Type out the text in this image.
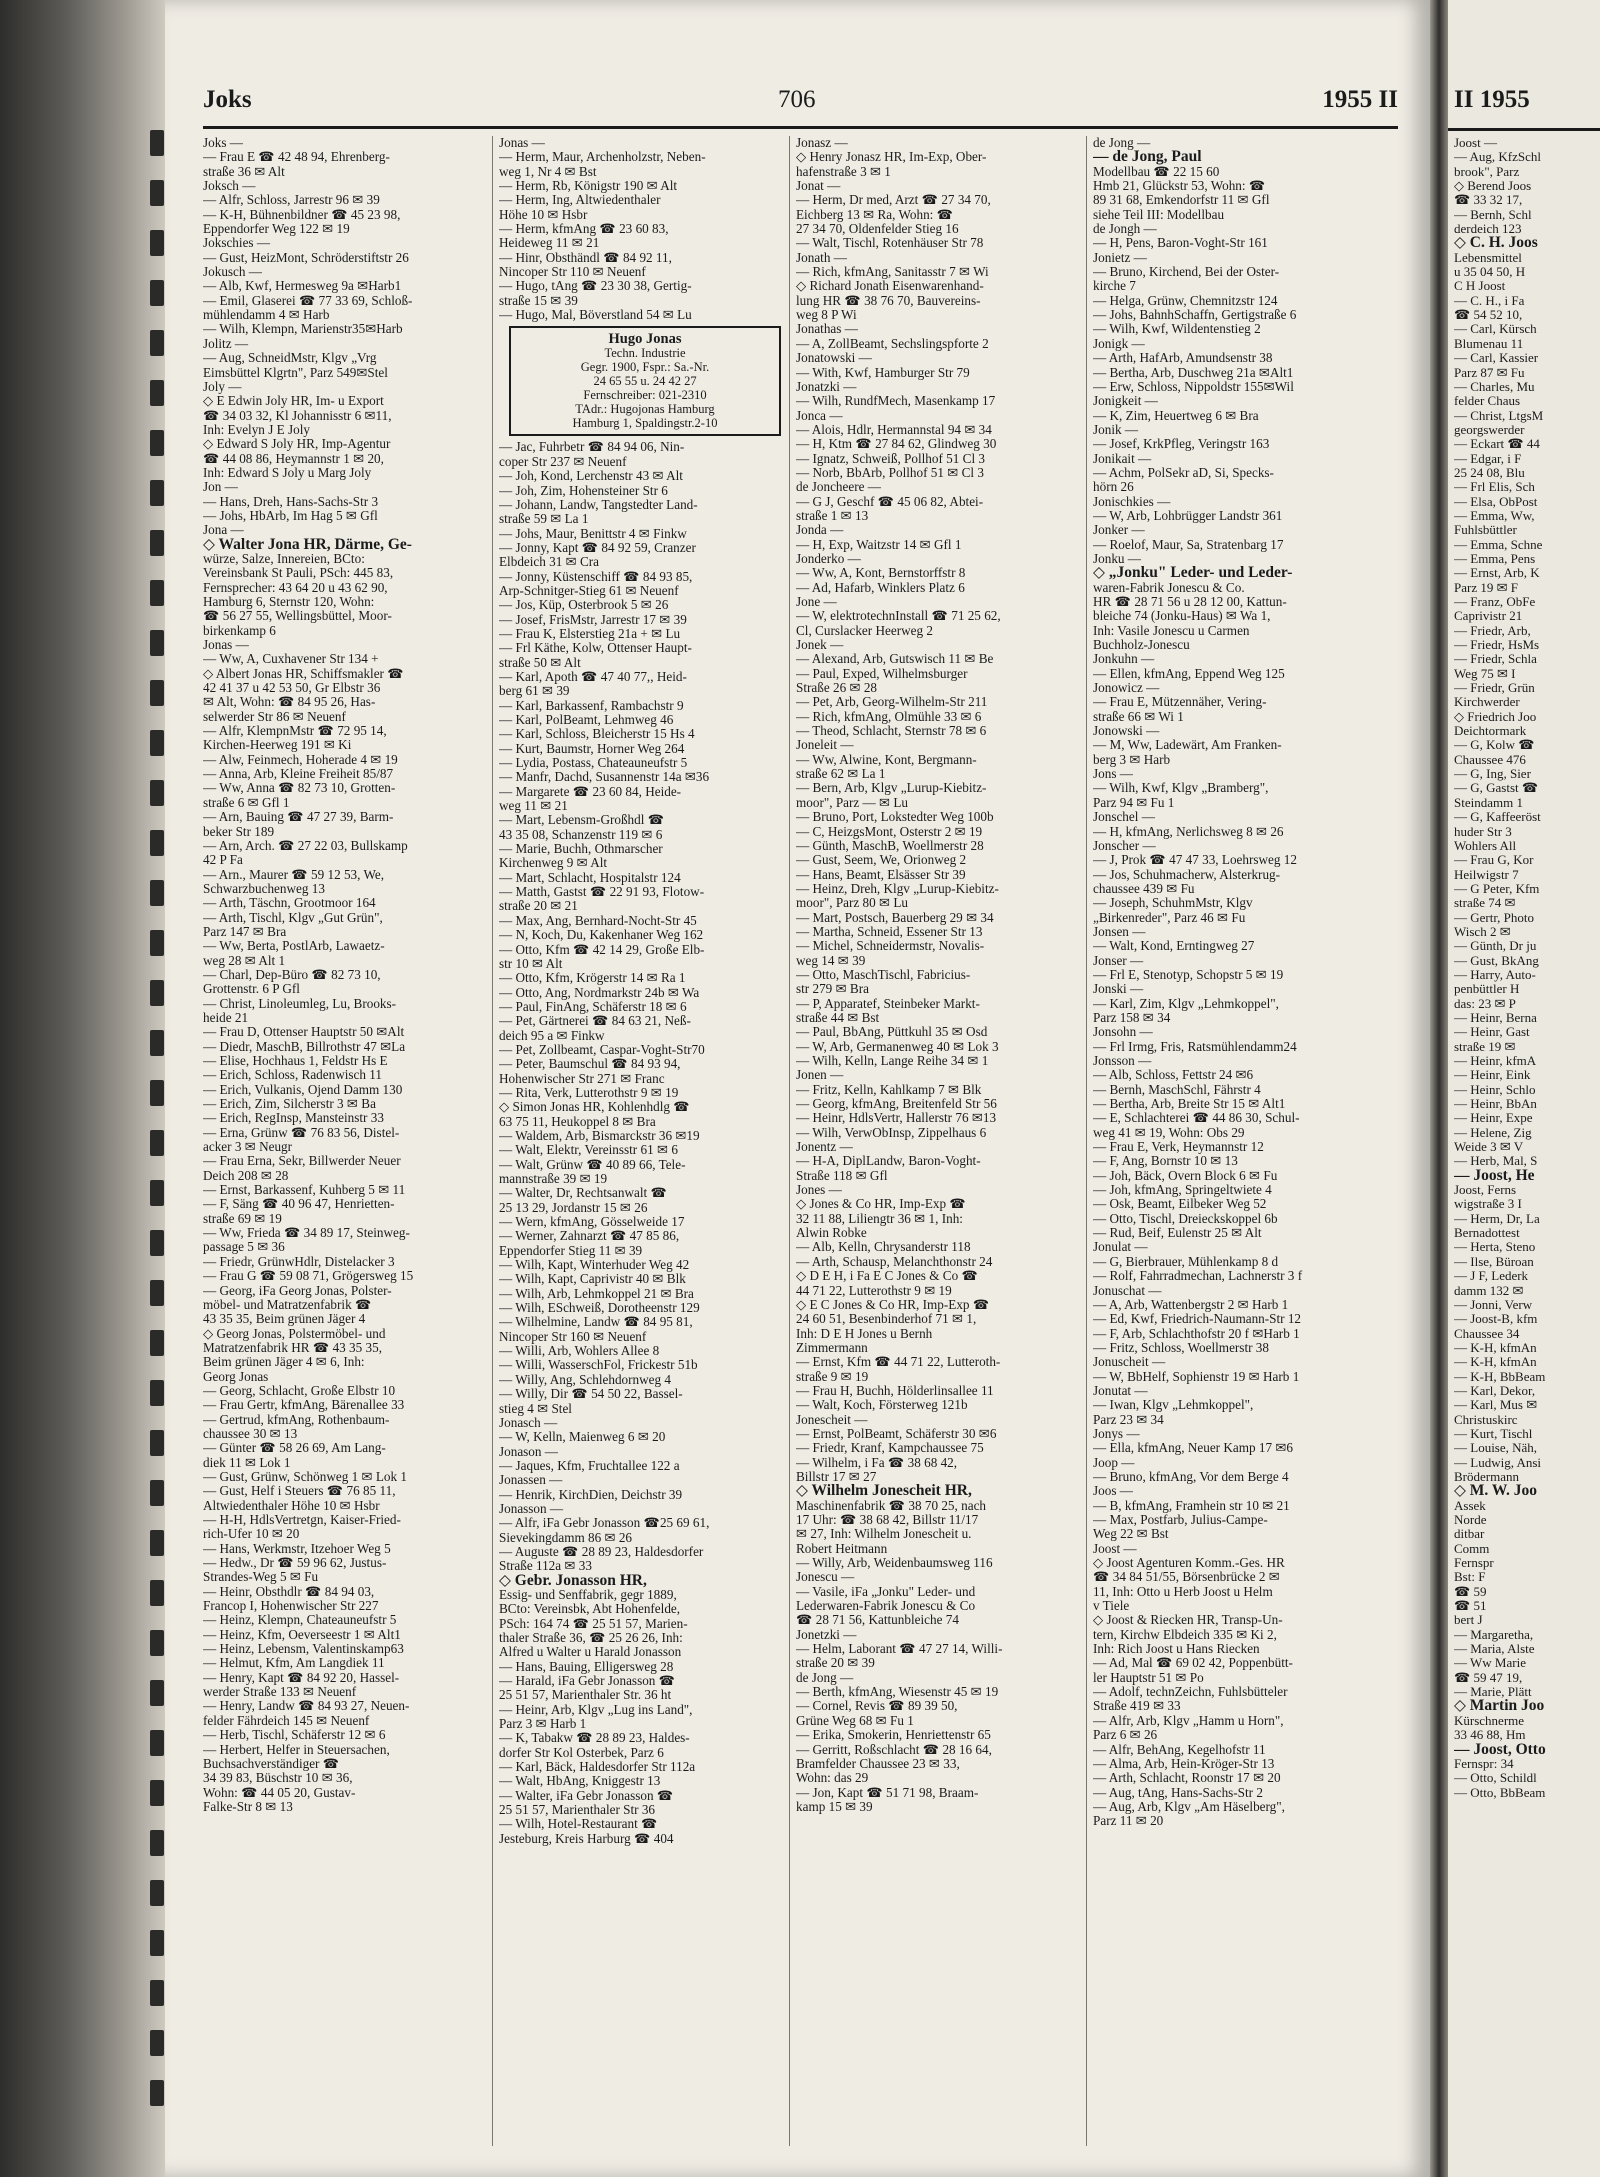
Joks	706	1955 II
Joks —
— Frau E ☎ 42 48 94, Ehrenberg-
straße 36 ✉ Alt
Joksch —
— Alfr, Schloss, Jarrestr 96 ✉ 39
— K-H, Bühnenbildner ☎ 45 23 98,
Eppendorfer Weg 122 ✉ 19
Jokschies —
— Gust, HeizMont, Schröderstiftstr 26
Jokusch —
— Alb, Kwf, Hermesweg 9a ✉Harb1
— Emil, Glaserei ☎ 77 33 69, Schloß-
mühlendamm 4 ✉ Harb
— Wilh, Klempn, Marienstr35✉Harb
Jolitz —
— Aug, SchneidMstr, Klgv „Vrg
Eimsbüttel Klgrtn", Parz 549✉Stel
Joly —
◇ E Edwin Joly HR, Im- u Export
☎ 34 03 32, Kl Johannisstr 6 ✉11,
Inh: Evelyn J E Joly
◇ Edward S Joly HR, Imp-Agentur
☎ 44 08 86, Heymannstr 1 ✉ 20,
Inh: Edward S Joly u Marg Joly
Jon —
— Hans, Dreh, Hans-Sachs-Str 3
— Johs, HbArb, Im Hag 5 ✉ Gfl
Jona —
◇ Walter Jona HR, Därme, Ge-
würze, Salze, Innereien, BCto:
Vereinsbank St Pauli, PSch: 445 83,
Fernsprecher: 43 64 20 u 43 62 90,
Hamburg 6, Sternstr 120, Wohn:
☎ 56 27 55, Wellingsbüttel, Moor-
birkenkamp 6
Jonas —
— Ww, A, Cuxhavener Str 134 +
◇ Albert Jonas HR, Schiffsmakler ☎
42 41 37 u 42 53 50, Gr Elbstr 36
✉ Alt, Wohn: ☎ 84 95 26, Has-
selwerder Str 86 ✉ Neuenf
— Alfr, KlempnMstr ☎ 72 95 14,
Kirchen-Heerweg 191 ✉ Ki
— Alw, Feinmech, Hoherade 4 ✉ 19
— Anna, Arb, Kleine Freiheit 85/87
— Ww, Anna ☎ 82 73 10, Grotten-
straße 6 ✉ Gfl 1
— Arn, Bauing ☎ 47 27 39, Barm-
beker Str 189
— Arn, Arch. ☎ 27 22 03, Bullskamp
42 P Fa
— Arn., Maurer ☎ 59 12 53, We,
Schwarzbuchenweg 13
— Arth, Täschn, Grootmoor 164
— Arth, Tischl, Klgv „Gut Grün",
Parz 147 ✉ Bra
— Ww, Berta, PostlArb, Lawaetz-
weg 28 ✉ Alt 1
— Charl, Dep-Büro ☎ 82 73 10,
Grottenstr. 6 P Gfl
— Christ, Linoleumleg, Lu, Brooks-
heide 21
— Frau D, Ottenser Hauptstr 50 ✉Alt
— Diedr, MaschB, Billrothstr 47 ✉La
— Elise, Hochhaus 1, Feldstr Hs E
— Erich, Schloss, Radenwisch 11
— Erich, Vulkanis, Ojend Damm 130
— Erich, Zim, Silcherstr 3 ✉ Ba
— Erich, RegInsp, Mansteinstr 33
— Erna, Grünw ☎ 76 83 56, Distel-
acker 3 ✉ Neugr
— Frau Erna, Sekr, Billwerder Neuer
Deich 208 ✉ 28
— Ernst, Barkassenf, Kuhberg 5 ✉ 11
— F, Säng ☎ 40 96 47, Henrietten-
straße 69 ✉ 19
— Ww, Frieda ☎ 34 89 17, Steinweg-
passage 5 ✉ 36
— Friedr, GrünwHdlr, Distelacker 3
— Frau G ☎ 59 08 71, Grögersweg 15
— Georg, iFa Georg Jonas, Polster-
möbel- und Matratzenfabrik ☎
43 35 35, Beim grünen Jäger 4
◇ Georg Jonas, Polstermöbel- und
Matratzenfabrik HR ☎ 43 35 35,
Beim grünen Jäger 4 ✉ 6, Inh:
Georg Jonas
— Georg, Schlacht, Große Elbstr 10
— Frau Gertr, kfmAng, Bärenallee 33
— Gertrud, kfmAng, Rothenbaum-
chaussee 30 ✉ 13
— Günter ☎ 58 26 69, Am Lang-
diek 11 ✉ Lok 1
— Gust, Grünw, Schönweg 1 ✉ Lok 1
— Gust, Helf i Steuers ☎ 76 85 11,
Altwiedenthaler Höhe 10 ✉ Hsbr
— H-H, HdlsVertretgn, Kaiser-Fried-
rich-Ufer 10 ✉ 20
— Hans, Werkmstr, Itzehoer Weg 5
— Hedw., Dr ☎ 59 96 62, Justus-
Strandes-Weg 5 ✉ Fu
— Heinr, Obsthdlr ☎ 84 94 03,
Francop I, Hohenwischer Str 227
— Heinz, Klempn, Chateauneufstr 5
— Heinz, Kfm, Oeverseestr 1 ✉ Alt1
— Heinz, Lebensm, Valentinskamp63
— Helmut, Kfm, Am Langdiek 11
— Henry, Kapt ☎ 84 92 20, Hassel-
werder Straße 133 ✉ Neuenf
— Henry, Landw ☎ 84 93 27, Neuen-
felder Fährdeich 145 ✉ Neuenf
— Herb, Tischl, Schäferstr 12 ✉ 6
— Herbert, Helfer in Steuersachen,
Buchsachverständiger ☎
34 39 83, Büschstr 10 ✉ 36,
Wohn: ☎ 44 05 20, Gustav-
Falke-Str 8 ✉ 13
Jonas —
— Herm, Maur, Archenholzstr, Neben-
weg 1, Nr 4 ✉ Bst
— Herm, Rb, Königstr 190 ✉ Alt
— Herm, Ing, Altwiedenthaler
Höhe 10 ✉ Hsbr
— Herm, kfmAng ☎ 23 60 83,
Heideweg 11 ✉ 21
— Hinr, Obsthändl ☎ 84 92 11,
Nincoper Str 110 ✉ Neuenf
— Hugo, tAng ☎ 23 30 38, Gertig-
straße 15 ✉ 39
— Hugo, Mal, Böverstland 54 ✉ Lu
Hugo Jonas
Techn. Industrie
Gegr. 1900, Fspr.: Sa.-Nr.
24 65 55 u. 24 42 27
Fernschreiber: 021-2310
TAdr.: Hugojonas Hamburg
Hamburg 1, Spaldingstr.2-10
— Jac, Fuhrbetr ☎ 84 94 06, Nin-
coper Str 237 ✉ Neuenf
— Joh, Kond, Lerchenstr 43 ✉ Alt
— Joh, Zim, Hohensteiner Str 6
— Johann, Landw, Tangstedter Land-
straße 59 ✉ La 1
— Johs, Maur, Benittstr 4 ✉ Finkw
— Jonny, Kapt ☎ 84 92 59, Cranzer
Elbdeich 31 ✉ Cra
— Jonny, Küstenschiff ☎ 84 93 85,
Arp-Schnitger-Stieg 61 ✉ Neuenf
— Jos, Küp, Osterbrook 5 ✉ 26
— Josef, FrisMstr, Jarrestr 17 ✉ 39
— Frau K, Elsterstieg 21a + ✉ Lu
— Frl Käthe, Kolw, Ottenser Haupt-
straße 50 ✉ Alt
— Karl, Apoth ☎ 47 40 77,, Heid-
berg 61 ✉ 39
— Karl, Barkassenf, Rambachstr 9
— Karl, PolBeamt, Lehmweg 46
— Karl, Schloss, Bleicherstr 15 Hs 4
— Kurt, Baumstr, Horner Weg 264
— Lydia, Postass, Chateauneufstr 5
— Manfr, Dachd, Susannenstr 14a ✉36
— Margarete ☎ 23 60 84, Heide-
weg 11 ✉ 21
— Mart, Lebensm-Großhdl ☎
43 35 08, Schanzenstr 119 ✉ 6
— Marie, Buchh, Othmarscher
Kirchenweg 9 ✉ Alt
— Mart, Schlacht, Hospitalstr 124
— Matth, Gastst ☎ 22 91 93, Flotow-
straße 20 ✉ 21
— Max, Ang, Bernhard-Nocht-Str 45
— N, Koch, Du, Kakenhaner Weg 162
— Otto, Kfm ☎ 42 14 29, Große Elb-
str 10 ✉ Alt
— Otto, Kfm, Krögerstr 14 ✉ Ra 1
— Otto, Ang, Nordmarkstr 24b ✉ Wa
— Paul, FinAng, Schäferstr 18 ✉ 6
— Pet, Gärtnerei ☎ 84 63 21, Neß-
deich 95 a ✉ Finkw
— Pet, Zollbeamt, Caspar-Voght-Str70
— Peter, Baumschul ☎ 84 93 94,
Hohenwischer Str 271 ✉ Franc
— Rita, Verk, Lutterothstr 9 ✉ 19
◇ Simon Jonas HR, Kohlenhdlg ☎
63 75 11, Heukoppel 8 ✉ Bra
— Waldem, Arb, Bismarckstr 36 ✉19
— Walt, Elektr, Vereinsstr 61 ✉ 6
— Walt, Grünw ☎ 40 89 66, Tele-
mannstraße 39 ✉ 19
— Walter, Dr, Rechtsanwalt ☎
25 13 29, Jordanstr 15 ✉ 26
— Wern, kfmAng, Gösselweide 17
— Werner, Zahnarzt ☎ 47 85 86,
Eppendorfer Stieg 11 ✉ 39
— Wilh, Kapt, Winterhuder Weg 42
— Wilh, Kapt, Caprivistr 40 ✉ Blk
— Wilh, Arb, Lehmkoppel 21 ✉ Bra
— Wilh, ESchweiß, Dorotheenstr 129
— Wilhelmine, Landw ☎ 84 95 81,
Nincoper Str 160 ✉ Neuenf
— Willi, Arb, Wohlers Allee 8
— Willi, WasserschFol, Frickestr 51b
— Willy, Ang, Schlehdornweg 4
— Willy, Dir ☎ 54 50 22, Bassel-
stieg 4 ✉ Stel
Jonasch —
— W, Kelln, Maienweg 6 ✉ 20
Jonason —
— Jaques, Kfm, Fruchtallee 122 a
Jonassen —
— Henrik, KirchDien, Deichstr 39
Jonasson —
— Alfr, iFa Gebr Jonasson ☎25 69 61,
Sievekingdamm 86 ✉ 26
— Auguste ☎ 28 89 23, Haldesdorfer
Straße 112a ✉ 33
◇ Gebr. Jonasson HR,
Essig- und Senffabrik, gegr 1889,
BCto: Vereinsbk, Abt Hohenfelde,
PSch: 164 74 ☎ 25 51 57, Marien-
thaler Straße 36, ☎ 25 26 26, Inh:
Alfred u Walter u Harald Jonasson
— Hans, Bauing, Elligersweg 28
— Harald, iFa Gebr Jonasson ☎
25 51 57, Marienthaler Str. 36 ht
— Heinr, Arb, Klgv „Lug ins Land",
Parz 3 ✉ Harb 1
— K, Tabakw ☎ 28 89 23, Haldes-
dorfer Str Kol Osterbek, Parz 6
— Karl, Bäck, Haldesdorfer Str 112a
— Walt, HbAng, Kniggestr 13
— Walter, iFa Gebr Jonasson ☎
25 51 57, Marienthaler Str 36
— Wilh, Hotel-Restaurant ☎
Jesteburg, Kreis Harburg ☎ 404
Jonasz —
◇ Henry Jonasz HR, Im-Exp, Ober-
hafenstraße 3 ✉ 1
Jonat —
— Herm, Dr med, Arzt ☎ 27 34 70,
Eichberg 13 ✉ Ra, Wohn: ☎
27 34 70, Oldenfelder Stieg 16
— Walt, Tischl, Rotenhäuser Str 78
Jonath —
— Rich, kfmAng, Sanitasstr 7 ✉ Wi
◇ Richard Jonath Eisenwarenhand-
lung HR ☎ 38 76 70, Bauvereins-
weg 8 P Wi
Jonathas —
— A, ZollBeamt, Sechslingspforte 2
Jonatowski —
— With, Kwf, Hamburger Str 79
Jonatzki —
— Wilh, RundfMech, Masenkamp 17
Jonca —
— Alois, Hdlr, Hermannstal 94 ✉ 34
— H, Ktm ☎ 27 84 62, Glindweg 30
— Ignatz, Schweiß, Pollhof 51 Cl 3
— Norb, BbArb, Pollhof 51 ✉ Cl 3
de Joncheere —
— G J, Geschf ☎ 45 06 82, Abtei-
straße 1 ✉ 13
Jonda —
— H, Exp, Waitzstr 14 ✉ Gfl 1
Jonderko —
— Ww, A, Kont, Bernstorffstr 8
— Ad, Hafarb, Winklers Platz 6
Jone —
— W, elektrotechnInstall ☎ 71 25 62,
Cl, Curslacker Heerweg 2
Jonek —
— Alexand, Arb, Gutswisch 11 ✉ Be
— Paul, Exped, Wilhelmsburger
Straße 26 ✉ 28
— Pet, Arb, Georg-Wilhelm-Str 211
— Rich, kfmAng, Olmühle 33 ✉ 6
— Theod, Schlacht, Sternstr 78 ✉ 6
Joneleit —
— Ww, Alwine, Kont, Bergmann-
straße 62 ✉ La 1
— Bern, Arb, Klgv „Lurup-Kiebitz-
moor", Parz — ✉ Lu
— Bruno, Port, Lokstedter Weg 100b
— C, HeizgsMont, Osterstr 2 ✉ 19
— Günth, MaschB, Woellmerstr 28
— Gust, Seem, We, Orionweg 2
— Hans, Beamt, Elsässer Str 39
— Heinz, Dreh, Klgv „Lurup-Kiebitz-
moor", Parz 80 ✉ Lu
— Mart, Postsch, Bauerberg 29 ✉ 34
— Martha, Schneid, Essener Str 13
— Michel, Schneidermstr, Novalis-
weg 14 ✉ 39
— Otto, MaschTischl, Fabricius-
str 279 ✉ Bra
— P, Apparatef, Steinbeker Markt-
straße 44 ✉ Bst
— Paul, BbAng, Püttkuhl 35 ✉ Osd
— W, Arb, Germanenweg 40 ✉ Lok 3
— Wilh, Kelln, Lange Reihe 34 ✉ 1
Jonen —
— Fritz, Kelln, Kahlkamp 7 ✉ Blk
— Georg, kfmAng, Breitenfeld Str 56
— Heinr, HdlsVertr, Hallerstr 76 ✉13
— Wilh, VerwObInsp, Zippelhaus 6
Jonentz —
— H-A, DiplLandw, Baron-Voght-
Straße 118 ✉ Gfl
Jones —
◇ Jones & Co HR, Imp-Exp ☎
32 11 88, Liliengtr 36 ✉ 1, Inh:
Alwin Robke
— Alb, Kelln, Chrysanderstr 118
— Arth, Schausp, Melanchthonstr 24
◇ D E H, i Fa E C Jones & Co ☎
44 71 22, Lutterothstr 9 ✉ 19
◇ E C Jones & Co HR, Imp-Exp ☎
24 60 51, Besenbinderhof 71 ✉ 1,
Inh: D E H Jones u Bernh
Zimmermann
— Ernst, Kfm ☎ 44 71 22, Lutteroth-
straße 9 ✉ 19
— Frau H, Buchh, Hölderlinsallee 11
— Walt, Koch, Försterweg 121b
Jonescheit —
— Ernst, PolBeamt, Schäferstr 30 ✉6
— Friedr, Kranf, Kampchaussee 75
— Wilhelm, i Fa ☎ 38 68 42,
Billstr 17 ✉ 27
◇ Wilhelm Jonescheit HR,
Maschinenfabrik ☎ 38 70 25, nach
17 Uhr: ☎ 38 68 42, Billstr 11/17
✉ 27, Inh: Wilhelm Jonescheit u.
Robert Heitmann
— Willy, Arb, Weidenbaumsweg 116
Jonescu —
— Vasile, iFa „Jonku" Leder- und
Lederwaren-Fabrik Jonescu & Co
☎ 28 71 56, Kattunbleiche 74
Jonetzki —
— Helm, Laborant ☎ 47 27 14, Willi-
straße 20 ✉ 39
de Jong —
— Berth, kfmAng, Wiesenstr 45 ✉ 19
— Cornel, Revis ☎ 89 39 50,
Grüne Weg 68 ✉ Fu 1
— Erika, Smokerin, Henriettenstr 65
— Gerritt, Roßschlacht ☎ 28 16 64,
Bramfelder Chaussee 23 ✉ 33,
Wohn: das 29
— Jon, Kapt ☎ 51 71 98, Braam-
kamp 15 ✉ 39
de Jong —
— de Jong, Paul
Modellbau ☎ 22 15 60
Hmb 21, Glückstr 53, Wohn: ☎
89 31 68, Emkendorfstr 11 ✉ Gfl
siehe Teil III: Modellbau
de Jongh —
— H, Pens, Baron-Voght-Str 161
Jonietz —
— Bruno, Kirchend, Bei der Oster-
kirche 7
— Helga, Grünw, Chemnitzstr 124
— Johs, BahnhSchaffn, Gertigstraße 6
— Wilh, Kwf, Wildentenstieg 2
Jonigk —
— Arth, HafArb, Amundsenstr 38
— Bertha, Arb, Duschweg 21a ✉Alt1
— Erw, Schloss, Nippoldstr 155✉Wil
Jonigkeit —
— K, Zim, Heuertweg 6 ✉ Bra
Jonik —
— Josef, KrkPfleg, Veringstr 163
Jonikait —
— Achm, PolSekr aD, Si, Specks-
hörn 26
Jonischkies —
— W, Arb, Lohbrügger Landstr 361
Jonker —
— Roelof, Maur, Sa, Stratenbarg 17
Jonku —
◇ „Jonku" Leder- und Leder-
waren-Fabrik Jonescu & Co.
HR ☎ 28 71 56 u 28 12 00, Kattun-
bleiche 74 (Jonku-Haus) ✉ Wa 1,
Inh: Vasile Jonescu u Carmen
Buchholz-Jonescu
Jonkuhn —
— Ellen, kfmAng, Eppend Weg 125
Jonowicz —
— Frau E, Mützennäher, Vering-
straße 66 ✉ Wi 1
Jonowski —
— M, Ww, Ladewärt, Am Franken-
berg 3 ✉ Harb
Jons —
— Wilh, Kwf, Klgv „Bramberg",
Parz 94 ✉ Fu 1
Jonschel —
— H, kfmAng, Nerlichsweg 8 ✉ 26
Jonscher —
— J, Prok ☎ 47 47 33, Loehrsweg 12
— Jos, Schuhmacherw, Alsterkrug-
chaussee 439 ✉ Fu
— Joseph, SchuhmMstr, Klgv
„Birkenreder", Parz 46 ✉ Fu
Jonsen —
— Walt, Kond, Erntingweg 27
Jonser —
— Frl E, Stenotyp, Schopstr 5 ✉ 19
Jonski —
— Karl, Zim, Klgv „Lehmkoppel",
Parz 158 ✉ 34
Jonsohn —
— Frl Irmg, Fris, Ratsmühlendamm24
Jonsson —
— Alb, Schloss, Fettstr 24 ✉6
— Bernh, MaschSchl, Fährstr 4
— Bertha, Arb, Breite Str 15 ✉ Alt1
— E, Schlachterei ☎ 44 86 30, Schul-
weg 41 ✉ 19, Wohn: Obs 29
— Frau E, Verk, Heymannstr 12
— F, Ang, Bornstr 10 ✉ 13
— Joh, Bäck, Overn Block 6 ✉ Fu
— Joh, kfmAng, Springeltwiete 4
— Osk, Beamt, Eilbeker Weg 52
— Otto, Tischl, Dreieckskoppel 6b
— Rud, Beif, Eulenstr 25 ✉ Alt
Jonulat —
— G, Bierbrauer, Mühlenkamp 8 d
— Rolf, Fahrradmechan, Lachnerstr 3 f
Jonuschat —
— A, Arb, Wattenbergstr 2 ✉ Harb 1
— Ed, Kwf, Friedrich-Naumann-Str 12
— F, Arb, Schlachthofstr 20 f ✉Harb 1
— Fritz, Schloss, Woellmerstr 38
Jonuscheit —
— W, BbHelf, Sophienstr 19 ✉ Harb 1
Jonutat —
— Iwan, Klgv „Lehmkoppel",
Parz 23 ✉ 34
Jonys —
— Ella, kfmAng, Neuer Kamp 17 ✉6
Joop —
— Bruno, kfmAng, Vor dem Berge 4
Joos —
— B, kfmAng, Framhein str 10 ✉ 21
— Max, Postfarb, Julius-Campe-
Weg 22 ✉ Bst
Joost —
◇ Joost Agenturen Komm.-Ges. HR
☎ 34 84 51/55, Börsenbrücke 2 ✉
11, Inh: Otto u Herb Joost u Helm
v Tiele
◇ Joost & Riecken HR, Transp-Un-
tern, Kirchw Elbdeich 335 ✉ Ki 2,
Inh: Rich Joost u Hans Riecken
— Ad, Mal ☎ 69 02 42, Poppenbütt-
ler Hauptstr 51 ✉ Po
— Adolf, technZeichn, Fuhlsbütteler
Straße 419 ✉ 33
— Alfr, Arb, Klgv „Hamm u Horn",
Parz 6 ✉ 26
— Alfr, BehAng, Kegelhofstr 11
— Alma, Arb, Hein-Kröger-Str 13
— Arth, Schlacht, Roonstr 17 ✉ 20
— Aug, tAng, Hans-Sachs-Str 2
— Aug, Arb, Klgv „Am Häselberg",
Parz 11 ✉ 20
II 1955
Joost —
— Aug, KfzSchl
brook", Parz
◇ Berend Joos
☎ 33 32 17,
— Bernh, Schl
derdeich 123
◇ C. H. Joos
Lebensmittel
u 35 04 50, H
C H Joost
— C. H., i Fa
☎ 54 52 10,
— Carl, Kürsch
Blumenau 11
— Carl, Kassier
Parz 87 ✉ Fu
— Charles, Mu
felder Chaus
— Christ, LtgsM
georgswerder
— Eckart ☎ 44
— Edgar, i F
25 24 08, Blu
— Frl Elis, Sch
— Elsa, ObPost
— Emma, Ww,
Fuhlsbüttler
— Emma, Schne
— Emma, Pens
— Ernst, Arb, K
Parz 19 ✉ F
— Franz, ObFe
Caprivistr 21
— Friedr, Arb,
— Friedr, HsMs
— Friedr, Schla
Weg 75 ✉ I
— Friedr, Grün
Kirchwerder
◇ Friedrich Joo
Deichtormark
— G, Kolw ☎
Chaussee 476
— G, Ing, Sier
— G, Gastst ☎
Steindamm 1
— G, Kaffeeröst
huder Str 3
Wohlers All
— Frau G, Kor
Heilwigstr 7
— G Peter, Kfm
straße 74 ✉
— Gertr, Photo
Wisch 2 ✉
— Günth, Dr ju
— Gust, BkAng
— Harry, Auto-
penbüttler H
das: 23 ✉ P
— Heinr, Berna
— Heinr, Gast
straße 19 ✉
— Heinr, kfmA
— Heinr, Eink
— Heinr, Schlo
— Heinr, BbAn
— Heinr, Expe
— Helene, Zig
Weide 3 ✉ V
— Herb, Mal, S
— Joost, He
Joost, Ferns
wigstraße 3 I
— Herm, Dr, La
Bernadottest
— Herta, Steno
— Ilse, Büroan
— J F, Lederk
damm 132 ✉
— Jonni, Verw
— Joost-B, kfm
Chaussee 34
— K-H, kfmAn
— K-H, kfmAn
— K-H, BbBeam
— Karl, Dekor,
— Karl, Mus ✉
Christuskirc
— Kurt, Tischl
— Louise, Näh,
— Ludwig, Ansi
Brödermann
◇ M. W. Joo
Assek
Norde
ditbar
Comm
Fernspr
Bst: F
☎ 59
☎ 51
bert J
— Margaretha,
— Maria, Alste
— Ww Marie
☎ 59 47 19,
— Marie, Plätt
◇ Martin Joo
Kürschnerme
33 46 88, Hm
— Joost, Otto
Fernspr: 34
— Otto, Schildl
— Otto, BbBeam
